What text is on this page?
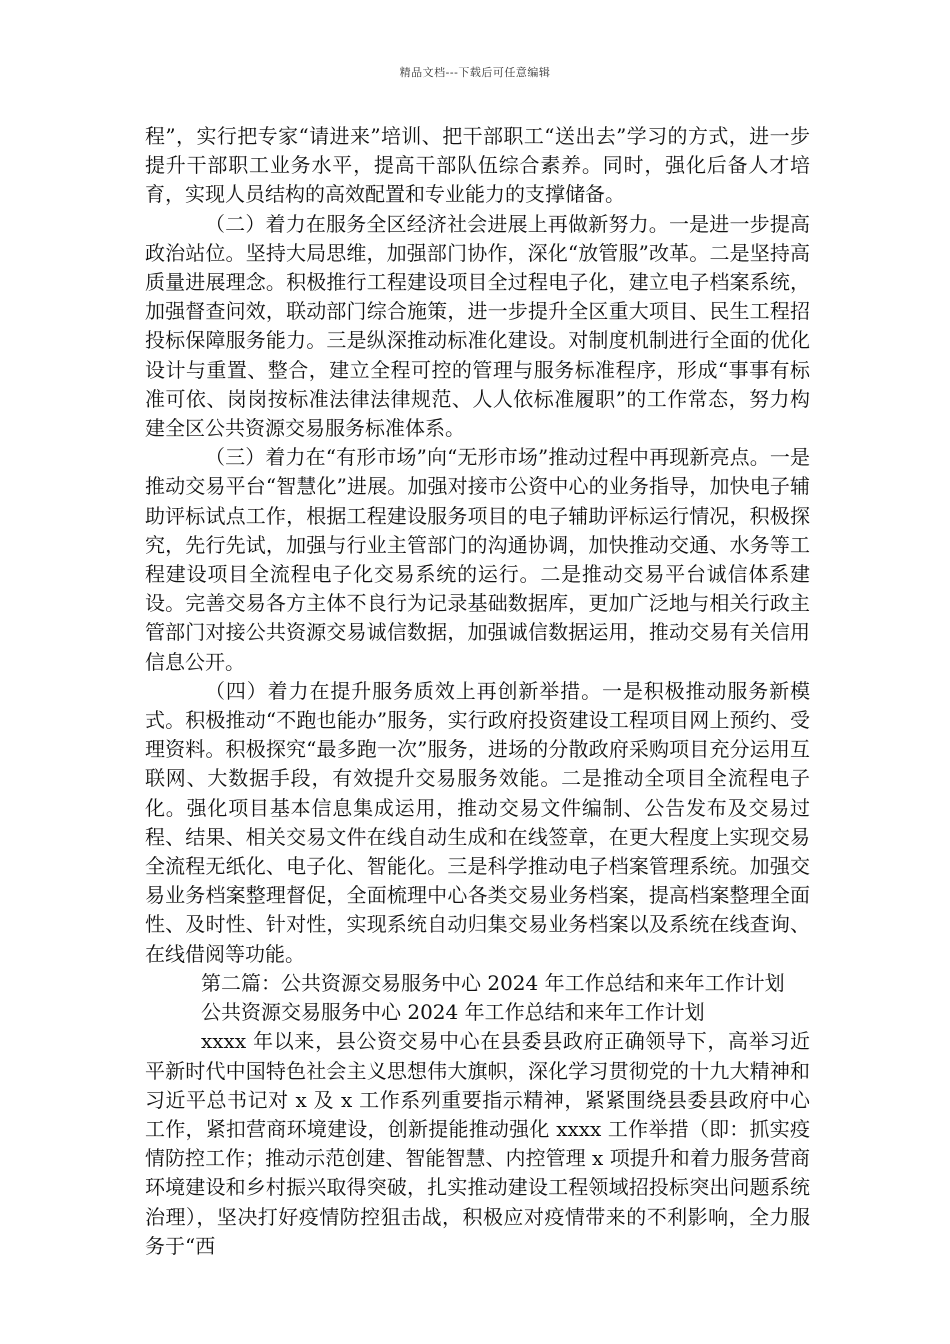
精品文档---下载后可任意编辑

程”，实行把专家“请进来”培训、把干部职工“送出去”学习的方式，进一步提升干部职工业务水平，提高干部队伍综合素养。同时，强化后备人才培育，实现人员结构的高效配置和专业能力的支撑储备。

（二）着力在服务全区经济社会进展上再做新努力。一是进一步提高政治站位。坚持大局思维，加强部门协作，深化“放管服”改革。二是坚持高质量进展理念。积极推行工程建设项目全过程电子化，建立电子档案系统，加强督查问效，联动部门综合施策，进一步提升全区重大项目、民生工程招投标保障服务能力。三是纵深推动标准化建设。对制度机制进行全面的优化设计与重置、整合，建立全程可控的管理与服务标准程序，形成“事事有标准可依、岗岗按标准法律法律规范、人人依标准履职”的工作常态，努力构建全区公共资源交易服务标准体系。

（三）着力在“有形市场”向“无形市场”推动过程中再现新亮点。一是推动交易平台“智慧化”进展。加强对接市公资中心的业务指导，加快电子辅助评标试点工作，根据工程建设服务项目的电子辅助评标运行情况，积极探究，先行先试，加强与行业主管部门的沟通协调，加快推动交通、水务等工程建设项目全流程电子化交易系统的运行。二是推动交易平台诚信体系建设。完善交易各方主体不良行为记录基础数据库，更加广泛地与相关行政主管部门对接公共资源交易诚信数据，加强诚信数据运用，推动交易有关信用信息公开。

（四）着力在提升服务质效上再创新举措。一是积极推动服务新模式。积极推动“不跑也能办”服务，实行政府投资建设工程项目网上预约、受理资料。积极探究“最多跑一次”服务，进场的分散政府采购项目充分运用互联网、大数据手段，有效提升交易服务效能。二是推动全项目全流程电子化。强化项目基本信息集成运用，推动交易文件编制、公告发布及交易过程、结果、相关交易文件在线自动生成和在线签章，在更大程度上实现交易全流程无纸化、电子化、智能化。三是科学推动电子档案管理系统。加强交易业务档案整理督促，全面梳理中心各类交易业务档案，提高档案整理全面性、及时性、针对性，实现系统自动归集交易业务档案以及系统在线查询、在线借阅等功能。

第二篇：公共资源交易服务中心 2024 年工作总结和来年工作计划

公共资源交易服务中心 2024 年工作总结和来年工作计划

xxxx 年以来，县公资交易中心在县委县政府正确领导下，高举习近平新时代中国特色社会主义思想伟大旗帜，深化学习贯彻党的十九大精神和习近平总书记对 x 及 x 工作系列重要指示精神，紧紧围绕县委县政府中心工作，紧扣营商环境建设，创新提能推动强化 xxxx 工作举措（即：抓实疫情防控工作；推动示范创建、智能智慧、内控管理 x 项提升和着力服务营商环境建设和乡村振兴取得突破，扎实推动建设工程领域招投标突出问题系统治理），坚决打好疫情防控狙击战，积极应对疫情带来的不利影响，全力服务于“西
